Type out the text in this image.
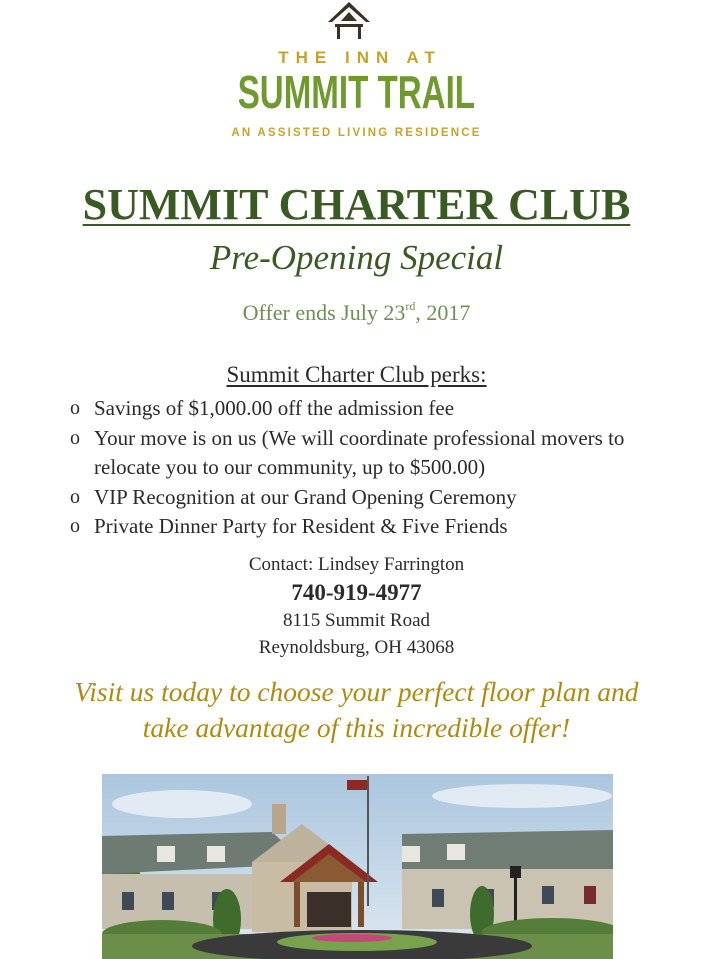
THE INN AT
SUMMIT TRAIL
AN ASSISTED LIVING RESIDENCE
SUMMIT CHARTER CLUB
Pre-Opening Special
Offer ends July 23rd, 2017
Summit Charter Club perks:
o Savings of $1,000.00 off the admission fee
o Your move is on us (We will coordinate professional movers to relocate you to our community, up to $500.00)
o VIP Recognition at our Grand Opening Ceremony
o Private Dinner Party for Resident & Five Friends
Contact: Lindsey Farrington
740-919-4977
8115 Summit Road
Reynoldsburg, OH 43068
Visit us today to choose your perfect floor plan and
take advantage of this incredible offer!
